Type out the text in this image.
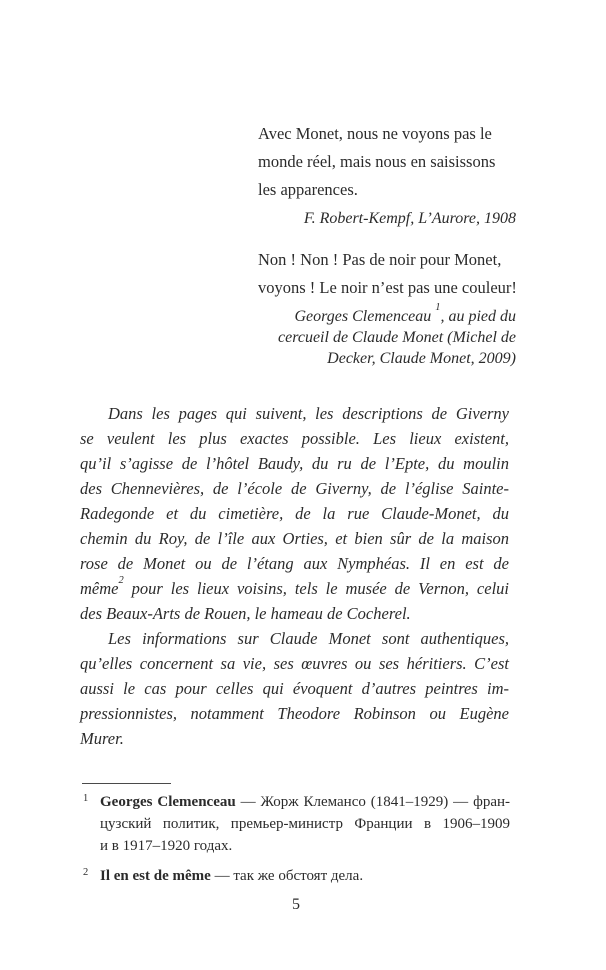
Avec Monet, nous ne voyons pas le
monde réel, mais nous en saisissons
les apparences.
F. Robert-Kempf, L’Aurore, 1908
Non ! Non ! Pas de noir pour Monet,
voyons ! Le noir n’est pas une couleur!
Georges Clemenceau $^1$, au pied du
cercueil de Claude Monet (Michel de
Decker, Claude Monet, 2009)
Dans les pages qui suivent, les descriptions de Giverny
se veulent les plus exactes possible. Les lieux existent,
qu’il s’agisse de l’hôtel Baudy, du ru de l’Epte, du moulin
des Chennevières, de l’école de Giverny, de l’église Sainte-
Radegonde et du cimetière, de la rue Claude-Monet, du
chemin du Roy, de l’île aux Orties, et bien sûr de la maison
rose de Monet ou de l’étang aux Nymphéas. Il en est de
même$^2$ pour les lieux voisins, tels le musée de Vernon, celui
des Beaux-Arts de Rouen, le hameau de Cocherel.
Les informations sur Claude Monet sont authentiques,
qu’elles concernent sa vie, ses œuvres ou ses héritiers. C’est
aussi le cas pour celles qui évoquent d’autres peintres im-
pressionnistes, notamment Theodore Robinson ou Eugène
Murer.
1 Georges Clemenceau — Жорж Клемансо (1841–1929) — фран-
цузский политик, премьер-министр Франции в 1906–1909
и в 1917–1920 годах.
2 Il en est de même — так же обстоят дела.
5
